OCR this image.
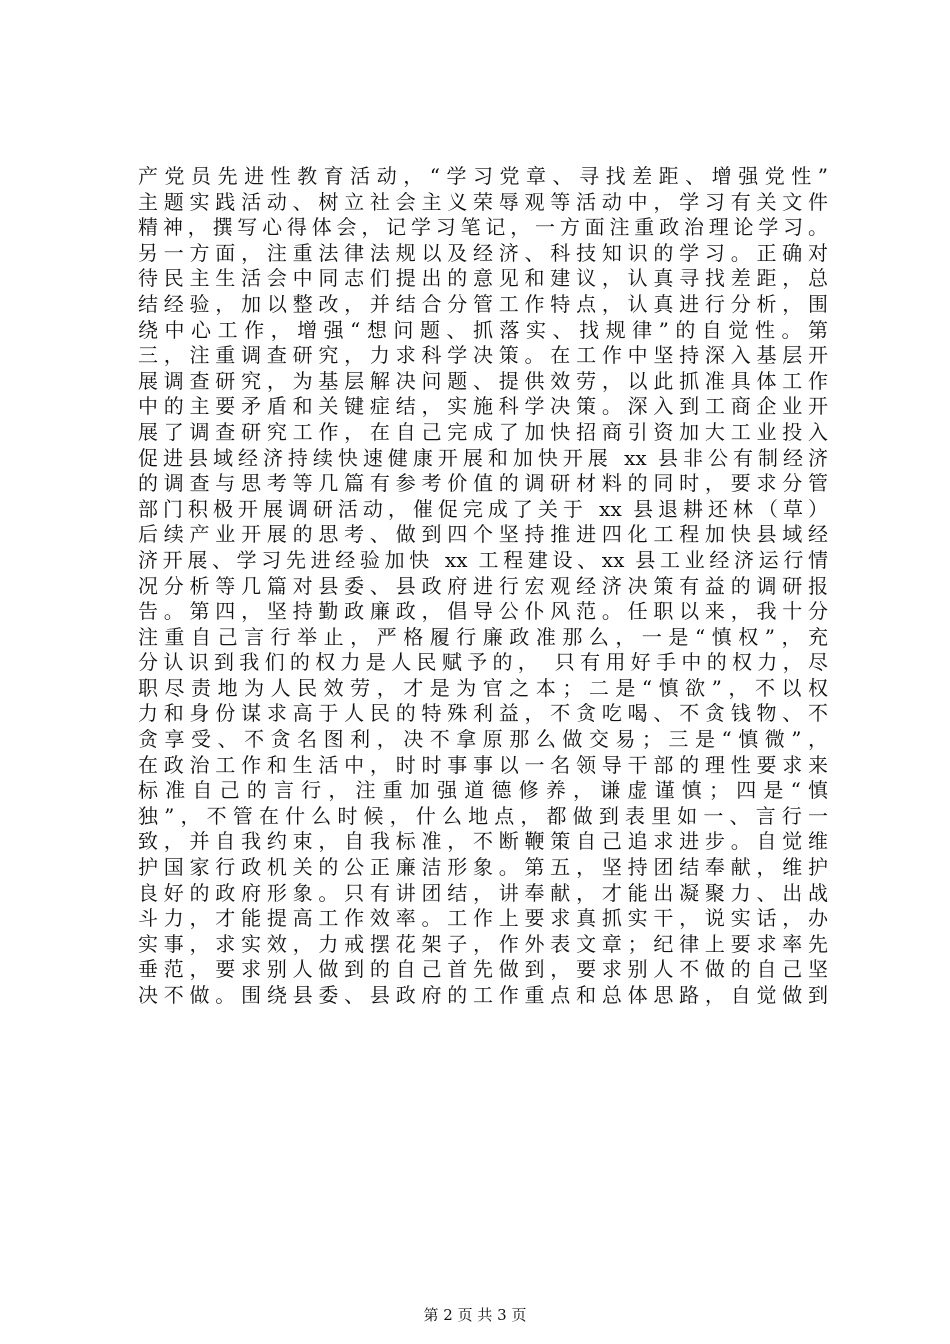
产党员先进性教育活动，“学习党章、寻找差距、增强党性”
主题实践活动、树立社会主义荣辱观等活动中，学习有关文件
精神，撰写心得体会，记学习笔记，一方面注重政治理论学习。
另一方面，注重法律法规以及经济、科技知识的学习。正确对
待民主生活会中同志们提出的意见和建议，认真寻找差距，总
结经验，加以整改，并结合分管工作特点，认真进行分析，围
绕中心工作，增强“想问题、抓落实、找规律”的自觉性。第
三，注重调查研究，力求科学决策。在工作中坚持深入基层开
展调查研究，为基层解决问题、提供效劳，以此抓准具体工作
中的主要矛盾和关键症结，实施科学决策。深入到工商企业开
展了调查研究工作，在自己完成了加快招商引资加大工业投入
促进县域经济持续快速健康开展和加快开展 xx 县非公有制经济
的调查与思考等几篇有参考价值的调研材料的同时，要求分管
部门积极开展调研活动，催促完成了关于 xx 县退耕还林（草）
后续产业开展的思考、做到四个坚持推进四化工程加快县域经
济开展、学习先进经验加快 xx 工程建设、xx 县工业经济运行情
况分析等几篇对县委、县政府进行宏观经济决策有益的调研报
告。第四，坚持勤政廉政，倡导公仆风范。任职以来，我十分
注重自己言行举止，严格履行廉政准那么，一是“慎权”，充
分认识到我们的权力是人民赋予的， 只有用好手中的权力，尽
职尽责地为人民效劳，才是为官之本；二是“慎欲”，不以权
力和身份谋求高于人民的特殊利益，不贪吃喝、不贪钱物、不
贪享受、不贪名图利，决不拿原那么做交易；三是“慎微”，
在政治工作和生活中，时时事事以一名领导干部的理性要求来
标准自己的言行，注重加强道德修养，谦虚谨慎；四是“慎
独”，不管在什么时候，什么地点，都做到表里如一、言行一
致，并自我约束，自我标准，不断鞭策自己追求进步。自觉维
护国家行政机关的公正廉洁形象。第五，坚持团结奉献，维护
良好的政府形象。只有讲团结，讲奉献，才能出凝聚力、出战
斗力，才能提高工作效率。工作上要求真抓实干，说实话，办
实事，求实效，力戒摆花架子，作外表文章；纪律上要求率先
垂范，要求别人做到的自己首先做到，要求别人不做的自己坚
决不做。围绕县委、县政府的工作重点和总体思路，自觉做到
第 2 页 共 3 页
